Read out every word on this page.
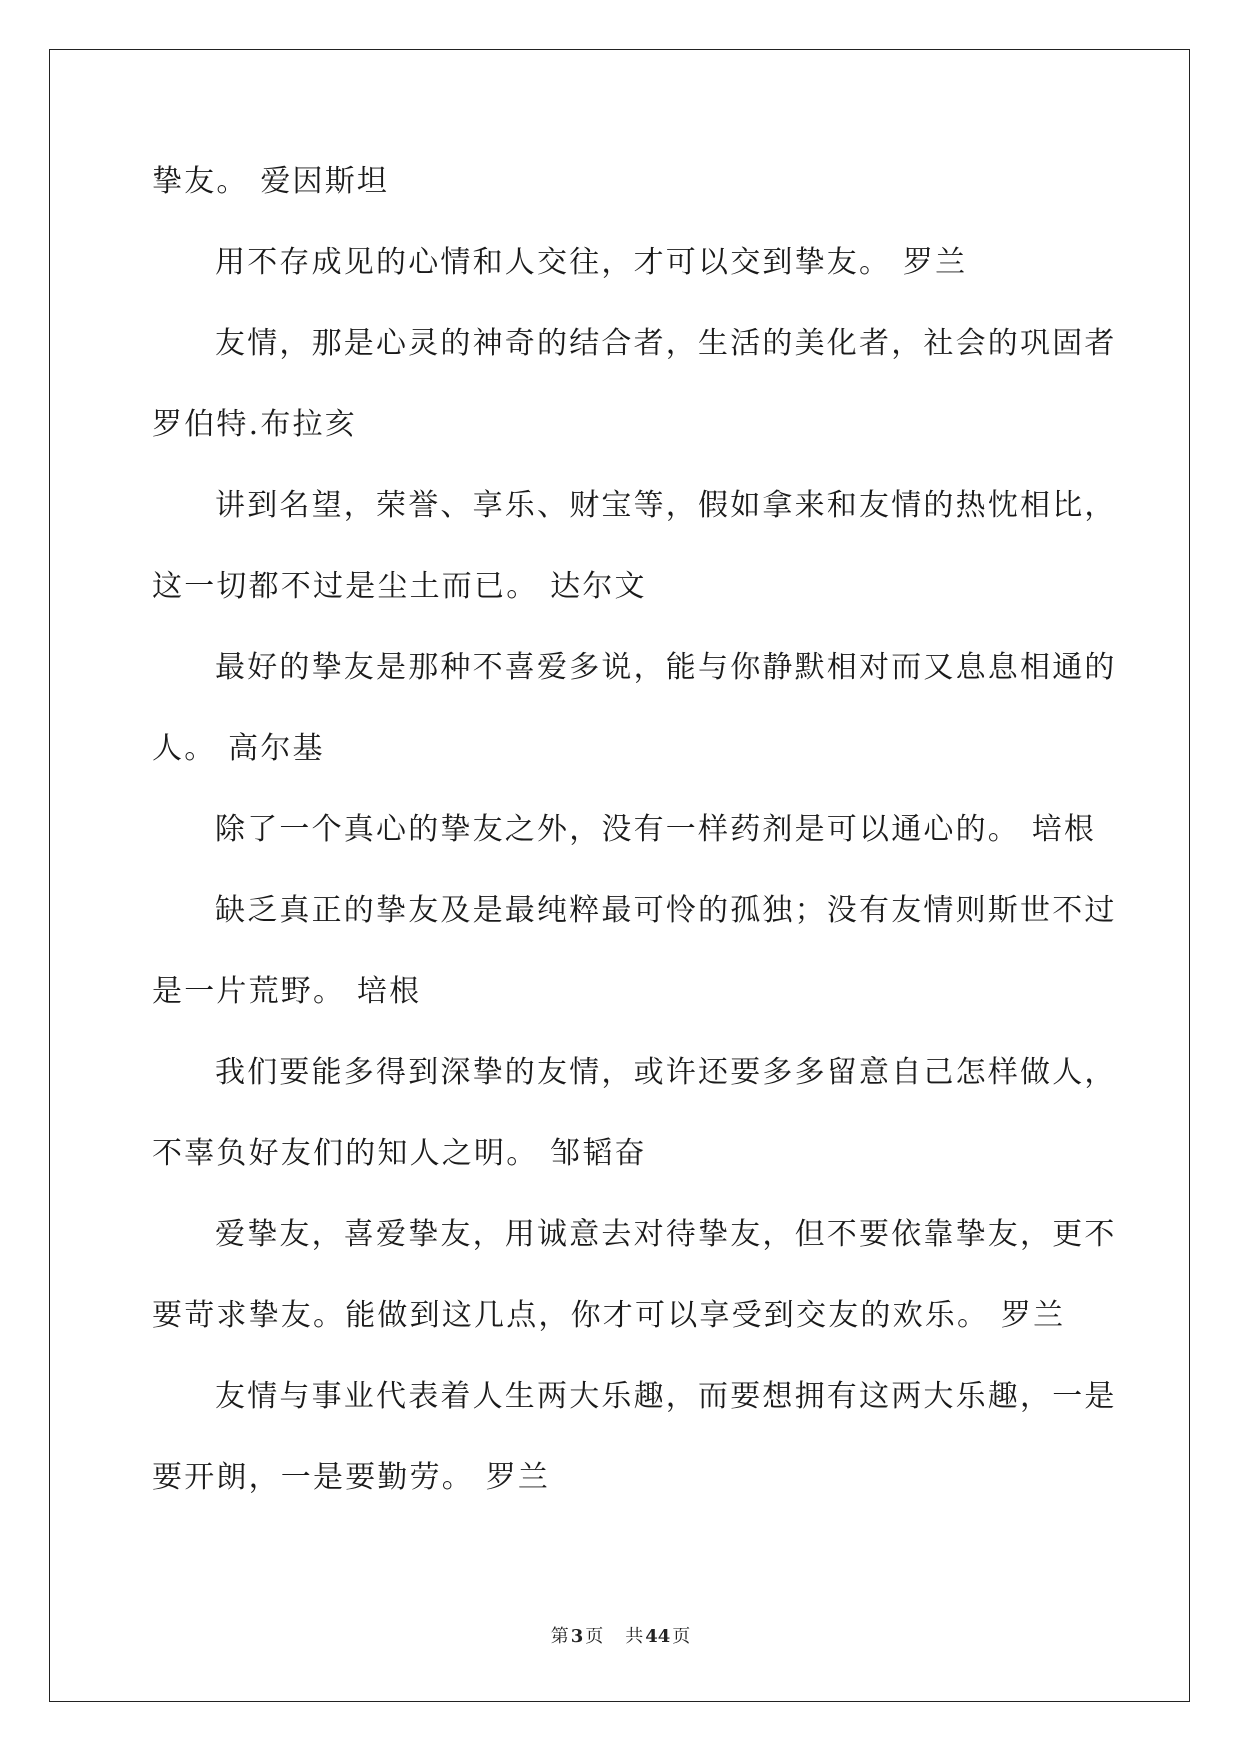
挚友。 爱因斯坦
用不存成见的心情和人交往，才可以交到挚友。 罗兰
友情，那是心灵的神奇的结合者，生活的美化者，社会的巩固者
罗伯特.布拉亥
讲到名望，荣誉、享乐、财宝等，假如拿来和友情的热忱相比，
这一切都不过是尘土而已。 达尔文
最好的挚友是那种不喜爱多说，能与你静默相对而又息息相通的
人。 高尔基
除了一个真心的挚友之外，没有一样药剂是可以通心的。 培根
缺乏真正的挚友及是最纯粹最可怜的孤独；没有友情则斯世不过
是一片荒野。 培根
我们要能多得到深挚的友情，或许还要多多留意自己怎样做人，
不辜负好友们的知人之明。 邹韬奋
爱挚友，喜爱挚友，用诚意去对待挚友，但不要依靠挚友，更不
要苛求挚友。能做到这几点，你才可以享受到交友的欢乐。 罗兰
友情与事业代表着人生两大乐趣，而要想拥有这两大乐趣，一是
要开朗，一是要勤劳。 罗兰
第 3 页 共 44 页
